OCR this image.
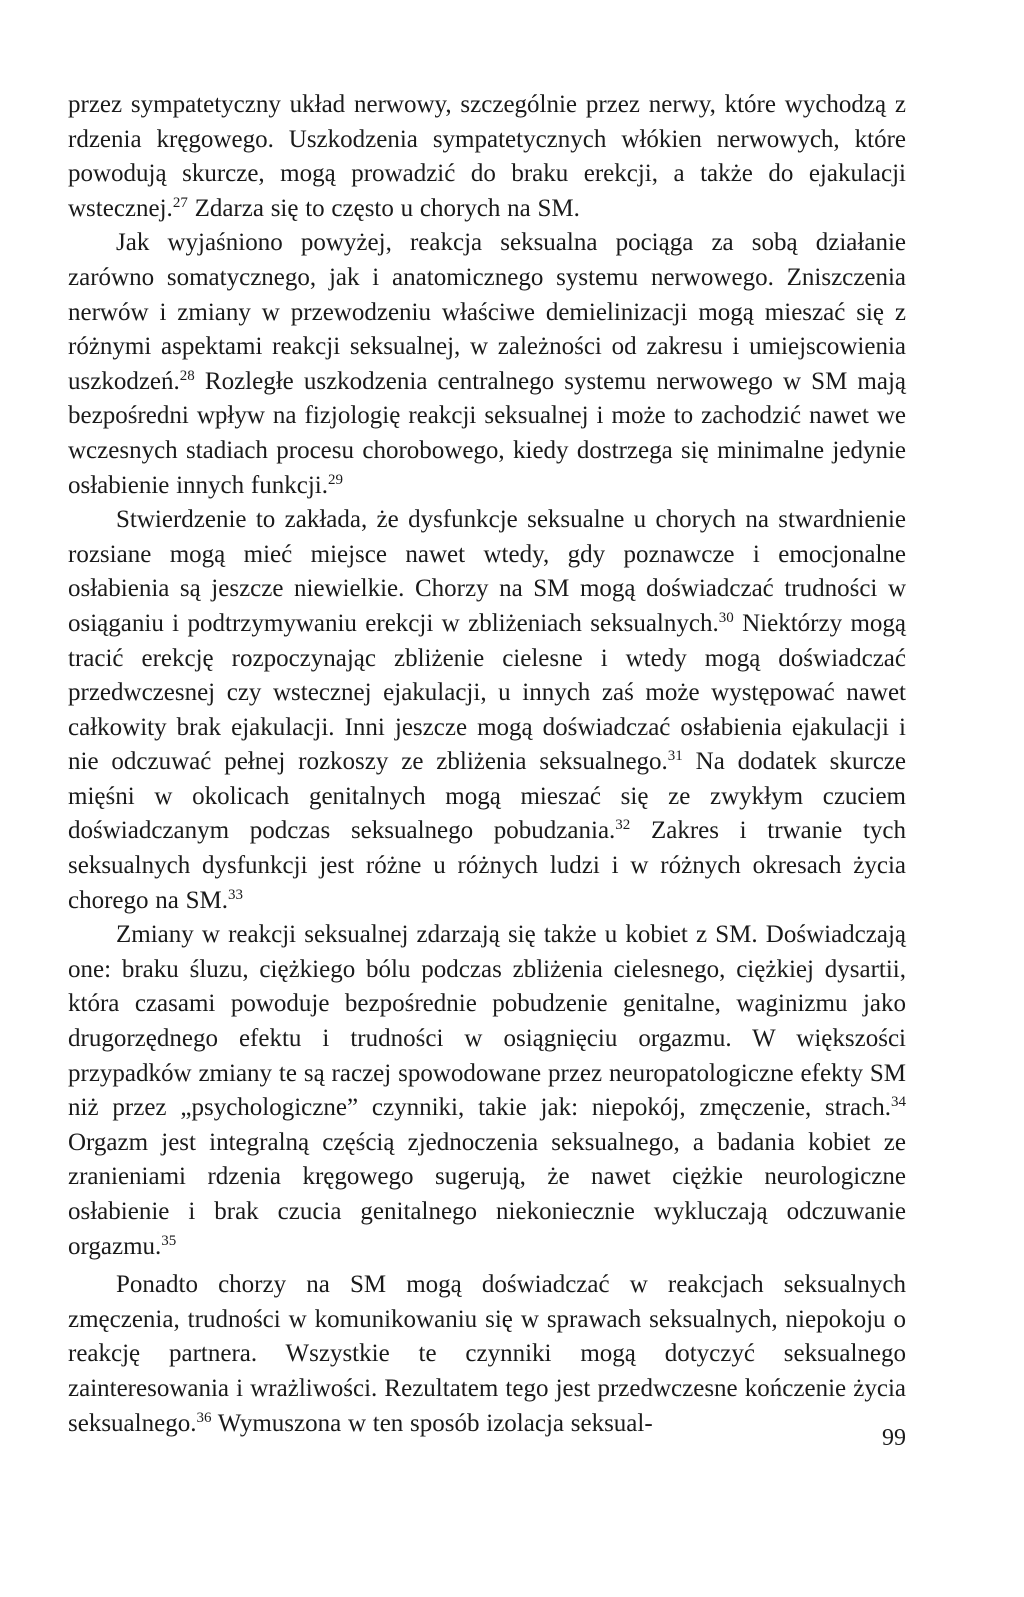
przez sympatetyczny układ nerwowy, szczególnie przez nerwy, które wychodzą z rdzenia kręgowego. Uszkodzenia sympatetycznych włókien nerwowych, które powodują skurcze, mogą prowadzić do braku erekcji, a także do ejakulacji wstecznej.$^{27}$ Zdarza się to często u chorych na SM.

Jak wyjaśniono powyżej, reakcja seksualna pociąga za sobą działanie zarówno somatycznego, jak i anatomicznego systemu nerwowego. Zniszczenia nerwów i zmiany w przewodzeniu właściwe demielinizacji mogą mieszać się z różnymi aspektami reakcji seksualnej, w zależności od zakresu i umiejscowienia uszkodzeń.$^{28}$ Rozległe uszkodzenia centralnego systemu nerwowego w SM mają bezpośredni wpływ na fizjologię reakcji seksualnej i może to zachodzić nawet we wczesnych stadiach procesu chorobowego, kiedy dostrzega się minimalne jedynie osłabienie innych funkcji.$^{29}$

Stwierdzenie to zakłada, że dysfunkcje seksualne u chorych na stwardnienie rozsiane mogą mieć miejsce nawet wtedy, gdy poznawcze i emocjonalne osłabienia są jeszcze niewielkie. Chorzy na SM mogą doświadczać trudności w osiąganiu i podtrzymywaniu erekcji w zbliżeniach seksualnych.$^{30}$ Niektórzy mogą tracić erekcję rozpoczynając zbliżenie cielesne i wtedy mogą doświadczać przedwczesnej czy wstecznej ejakulacji, u innych zaś może występować nawet całkowity brak ejakulacji. Inni jeszcze mogą doświadczać osłabienia ejakulacji i nie odczuwać pełnej rozkoszy ze zbliżenia seksualnego.$^{31}$ Na dodatek skurcze mięśni w okolicach genitalnych mogą mieszać się ze zwykłym czuciem doświadczanym podczas seksualnego pobudzania.$^{32}$ Zakres i trwanie tych seksualnych dysfunkcji jest różne u różnych ludzi i w różnych okresach życia chorego na SM.$^{33}$

Zmiany w reakcji seksualnej zdarzają się także u kobiet z SM. Doświadczają one: braku śluzu, ciężkiego bólu podczas zbliżenia cielesnego, ciężkiej dysartii, która czasami powoduje bezpośrednie pobudzenie genitalne, waginizmu jako drugorzędnego efektu i trudności w osiągnięciu orgazmu. W większości przypadków zmiany te są raczej spowodowane przez neuropatologiczne efekty SM niż przez „psychologiczne” czynniki, takie jak: niepokój, zmęczenie, strach.$^{34}$ Orgazm jest integralną częścią zjednoczenia seksualnego, a badania kobiet ze zranieniami rdzenia kręgowego sugerują, że nawet ciężkie neurologiczne osłabienie i brak czucia genitalnego niekoniecznie wykluczają odczuwanie orgazmu.$^{35}$

Ponadto chorzy na SM mogą doświadczać w reakcjach seksualnych zmęczenia, trudności w komunikowaniu się w sprawach seksualnych, niepokoju o reakcję partnera. Wszystkie te czynniki mogą dotyczyć seksualnego zainteresowania i wrażliwości. Rezultatem tego jest przedwczesne kończenie życia seksualnego.$^{36}$ Wymuszona w ten sposób izolacja seksual-

99
